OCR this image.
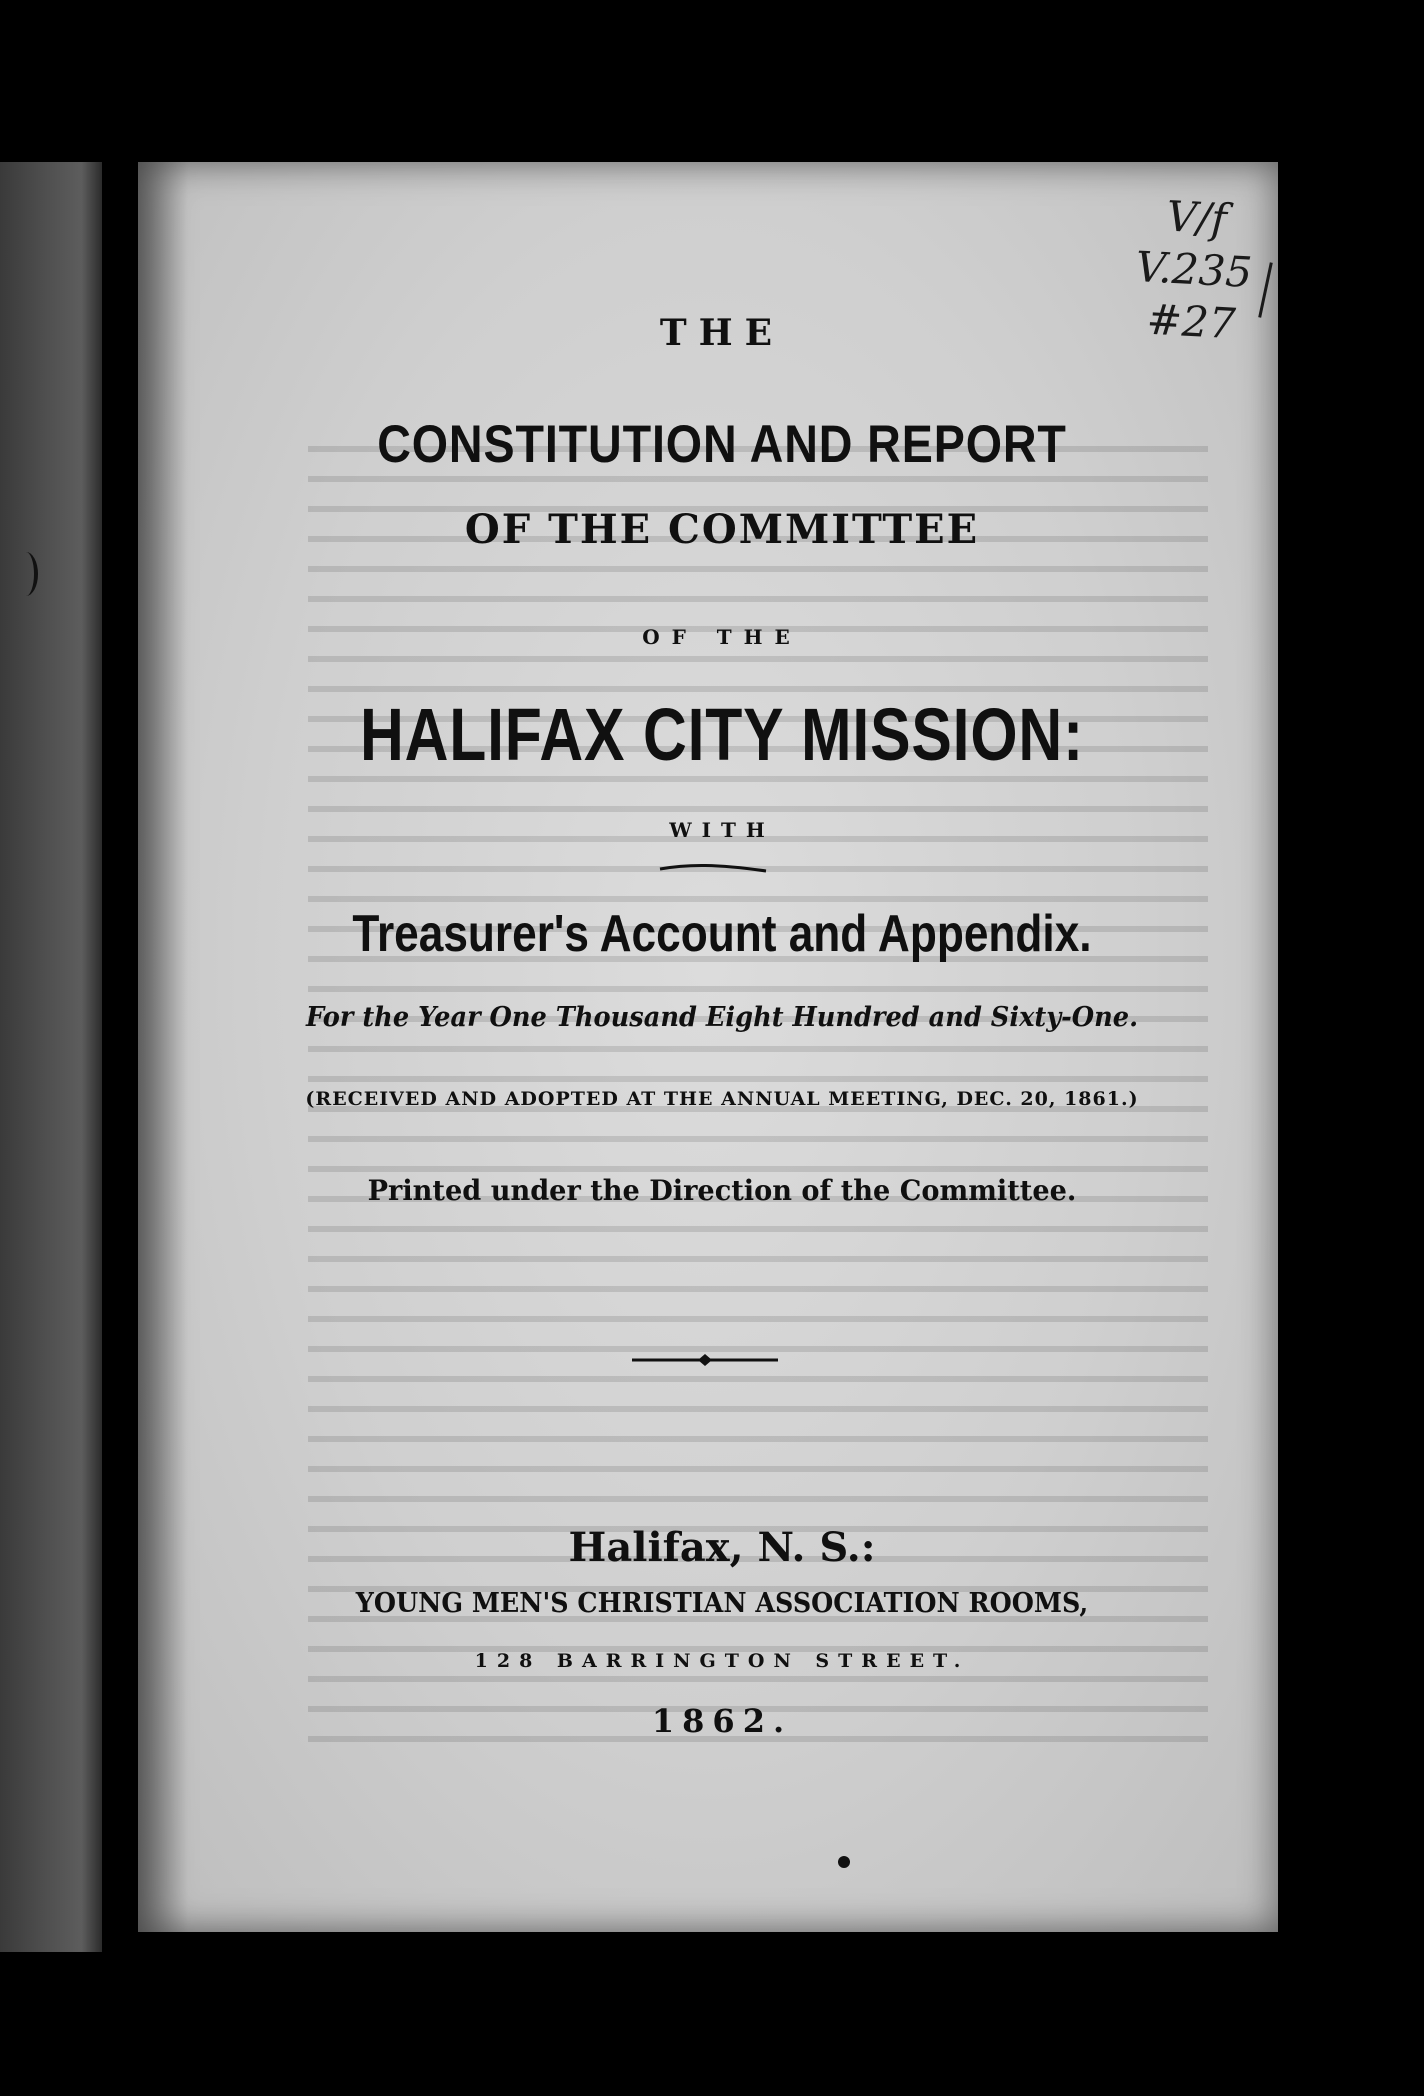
V/f
V.235
#27

THE

CONSTITUTION AND REPORT

OF THE COMMITTEE

OF THE

HALIFAX CITY MISSION:

WITH

Treasurer's Account and Appendix.

For the Year One Thousand Eight Hundred and Sixty-One.

(RECEIVED AND ADOPTED AT THE ANNUAL MEETING, DEC. 20, 1861.)

Printed under the Direction of the Committee.

Halifax, N. S.:

YOUNG MEN'S CHRISTIAN ASSOCIATION ROOMS,

128 BARRINGTON STREET.

1862.
